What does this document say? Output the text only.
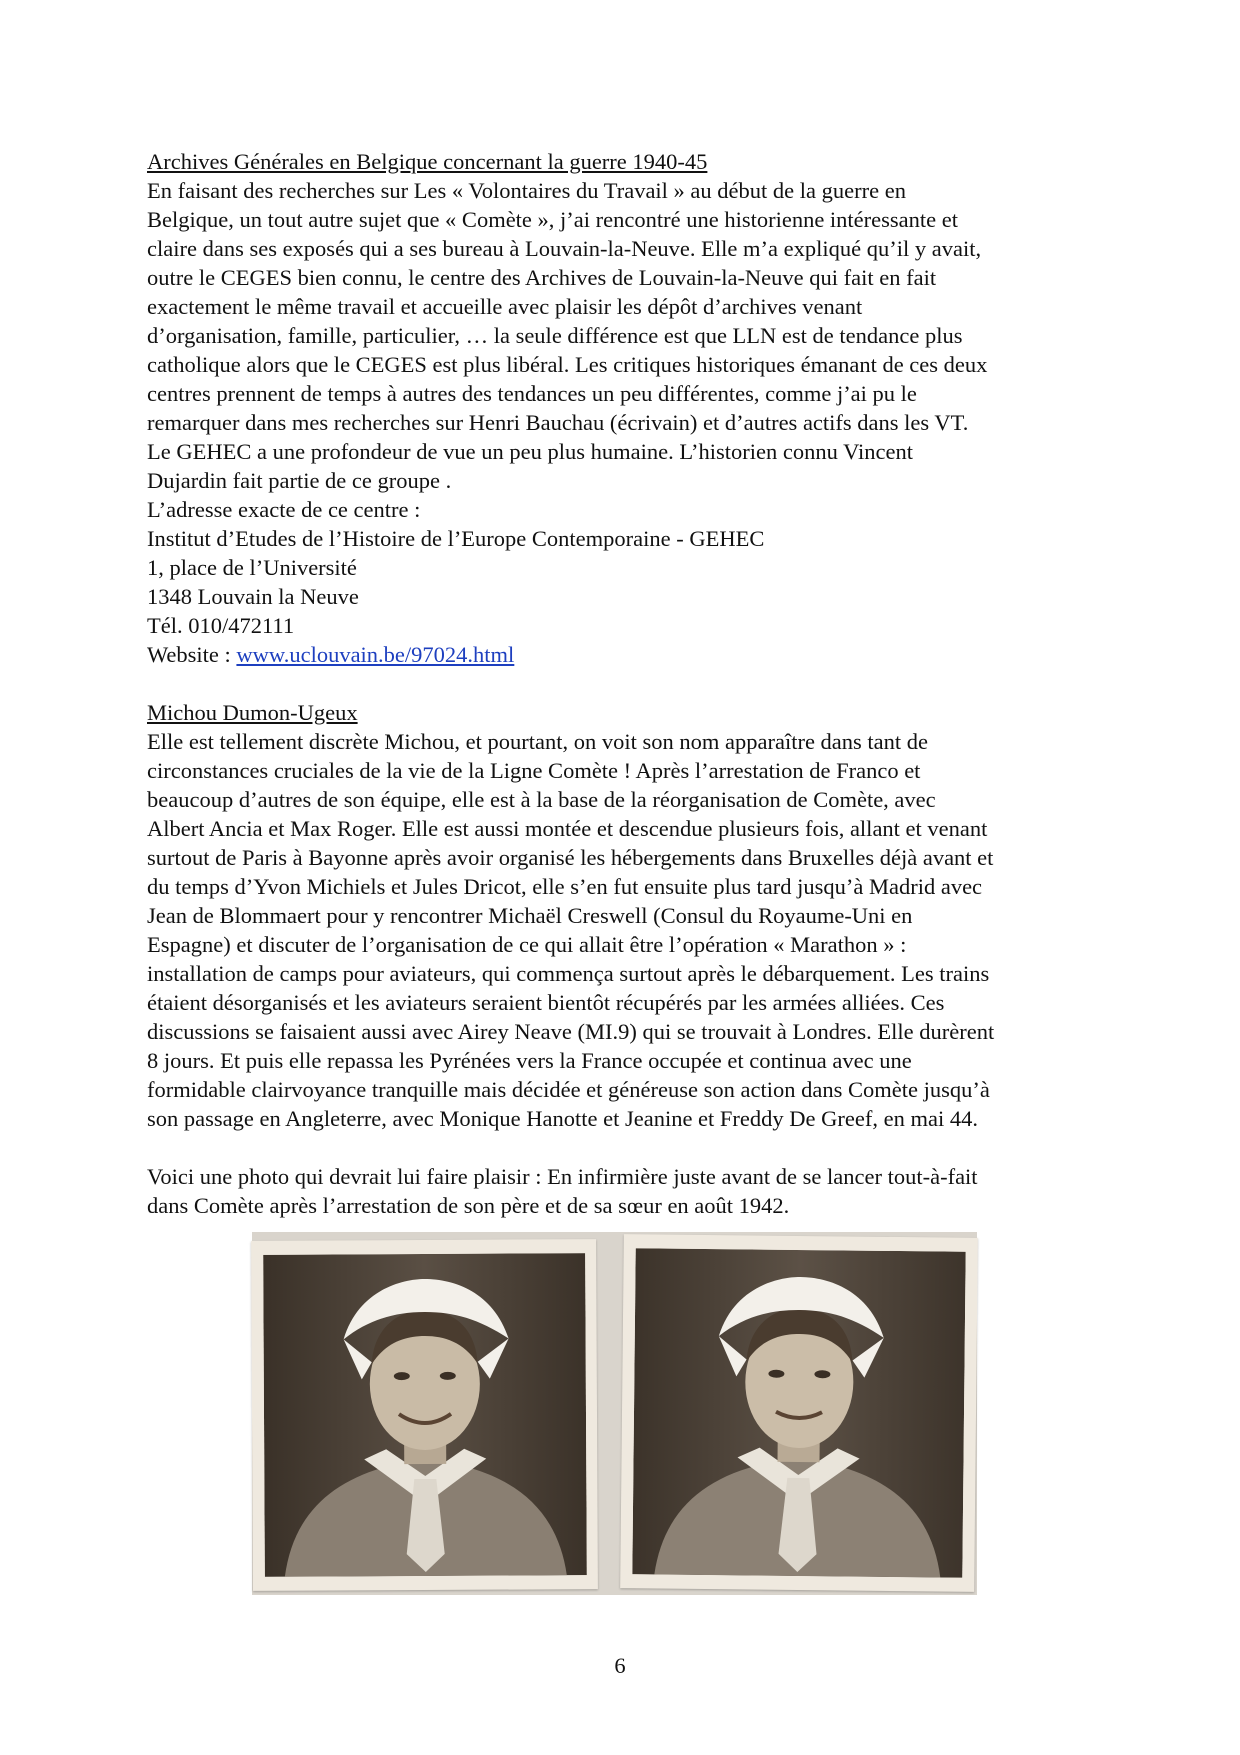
Archives Générales en Belgique concernant la guerre 1940-45
En faisant des recherches sur Les « Volontaires du Travail » au début de la guerre en
Belgique, un tout autre sujet que « Comète », j’ai rencontré une historienne intéressante et
claire dans ses exposés qui a ses bureau à Louvain-la-Neuve. Elle m’a expliqué qu’il y avait,
outre le CEGES bien connu, le centre des Archives de Louvain-la-Neuve qui fait en fait
exactement le même travail et accueille avec plaisir les dépôt d’archives venant
d’organisation, famille, particulier, … la seule différence est que LLN est de tendance plus
catholique alors que le CEGES est plus libéral. Les critiques historiques émanant de ces deux
centres prennent de temps à autres des tendances un peu différentes, comme j’ai pu le
remarquer dans mes recherches sur Henri Bauchau (écrivain) et d’autres actifs dans les VT.
Le GEHEC a une profondeur de vue un peu plus humaine. L’historien connu Vincent
Dujardin fait partie de ce groupe .
L’adresse exacte de ce centre :
Institut d’Etudes de l’Histoire de l’Europe Contemporaine - GEHEC
1, place de l’Université
1348 Louvain la Neuve
Tél. 010/472111
Website : www.uclouvain.be/97024.html

Michou Dumon-Ugeux
Elle est tellement discrète Michou, et pourtant, on voit son nom apparaître dans tant de
circonstances cruciales de la vie de la Ligne Comète ! Après l’arrestation de Franco et
beaucoup d’autres de son équipe, elle est à la base de la réorganisation de Comète, avec
Albert Ancia et Max Roger. Elle est aussi montée et descendue plusieurs fois, allant et venant
surtout de Paris à Bayonne après avoir organisé les hébergements dans Bruxelles déjà avant et
du temps d’Yvon Michiels et Jules Dricot, elle s’en fut ensuite plus tard jusqu’à Madrid avec
Jean de Blommaert pour y rencontrer Michaël Creswell (Consul du Royaume-Uni en
Espagne) et discuter de l’organisation de ce qui allait être l’opération « Marathon » :
installation de camps pour aviateurs, qui commença surtout après le débarquement. Les trains
étaient désorganisés et les aviateurs seraient bientôt récupérés par les armées alliées. Ces
discussions se faisaient aussi avec Airey Neave (MI.9) qui se trouvait à Londres. Elle durèrent
8 jours. Et puis elle repassa les Pyrénées vers la France occupée et continua avec une
formidable clairvoyance tranquille mais décidée et généreuse son action dans Comète jusqu’à
son passage en Angleterre, avec Monique Hanotte et Jeanine et Freddy De Greef, en mai 44.

Voici une photo qui devrait lui faire plaisir : En infirmière juste avant de se lancer tout-à-fait
dans Comète après l’arrestation de son père et de sa sœur en août 1942.

6
